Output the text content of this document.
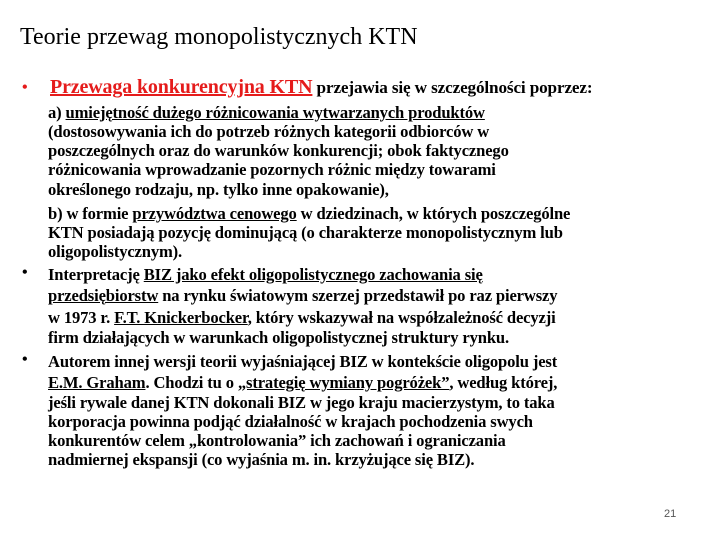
Teorie przewag monopolistycznych KTN
• Przewaga konkurencyjna KTN przejawia się w szczególności poprzez:
a) umiejętność dużego różnicowania wytwarzanych produktów
(dostosowywania ich do potrzeb różnych kategorii odbiorców w
poszczególnych oraz do warunków konkurencji; obok faktycznego
różnicowania wprowadzanie pozornych różnic między towarami
określonego rodzaju, np. tylko inne opakowanie),
b) w formie przywództwa cenowego w dziedzinach, w których poszczególne
KTN posiadają pozycję dominującą (o charakterze monopolistycznym lub
oligopolistycznym).
• Interpretację BIZ jako efekt oligopolistycznego zachowania się
przedsiębiorstw na rynku światowym szerzej przedstawił po raz pierwszy
w 1973 r. F.T. Knickerbocker, który wskazywał na współzależność decyzji
firm działających w warunkach oligopolistycznej struktury rynku.
• Autorem innej wersji teorii wyjaśniającej BIZ w kontekście oligopolu jest
E.M. Graham. Chodzi tu o „strategię wymiany pogróżek”, według której,
jeśli rywale danej KTN dokonali BIZ w jego kraju macierzystym, to taka
korporacja powinna podjąć działalność w krajach pochodzenia swych
konkurentów celem „kontrolowania” ich zachowań i ograniczania
nadmiernej ekspansji (co wyjaśnia m. in. krzyżujące się BIZ).
21
